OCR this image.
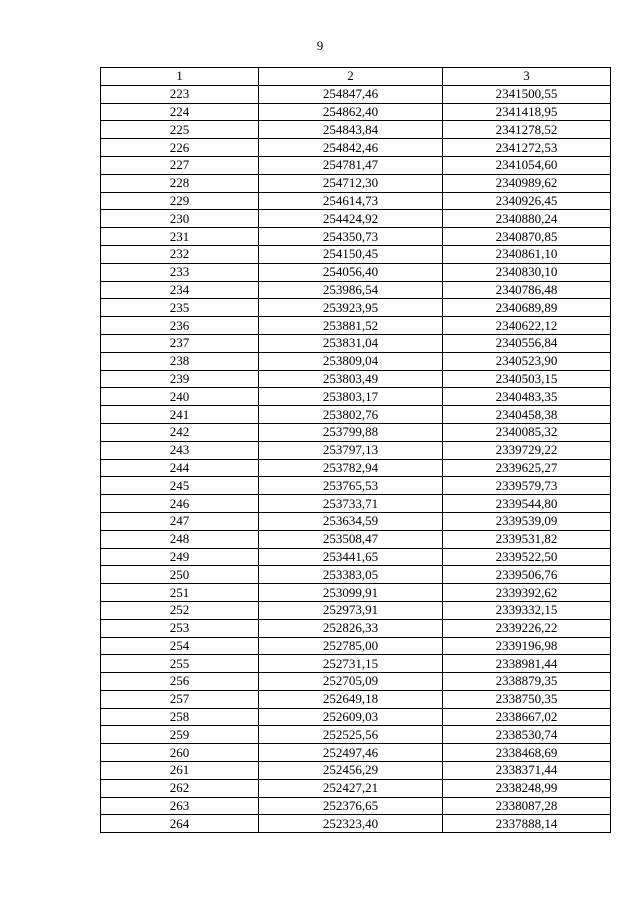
9
1	2	3
223	254847,46	2341500,55
224	254862,40	2341418,95
225	254843,84	2341278,52
226	254842,46	2341272,53
227	254781,47	2341054,60
228	254712,30	2340989,62
229	254614,73	2340926,45
230	254424,92	2340880,24
231	254350,73	2340870,85
232	254150,45	2340861,10
233	254056,40	2340830,10
234	253986,54	2340786,48
235	253923,95	2340689,89
236	253881,52	2340622,12
237	253831,04	2340556,84
238	253809,04	2340523,90
239	253803,49	2340503,15
240	253803,17	2340483,35
241	253802,76	2340458,38
242	253799,88	2340085,32
243	253797,13	2339729,22
244	253782,94	2339625,27
245	253765,53	2339579,73
246	253733,71	2339544,80
247	253634,59	2339539,09
248	253508,47	2339531,82
249	253441,65	2339522,50
250	253383,05	2339506,76
251	253099,91	2339392,62
252	252973,91	2339332,15
253	252826,33	2339226,22
254	252785,00	2339196,98
255	252731,15	2338981,44
256	252705,09	2338879,35
257	252649,18	2338750,35
258	252609,03	2338667,02
259	252525,56	2338530,74
260	252497,46	2338468,69
261	252456,29	2338371,44
262	252427,21	2338248,99
263	252376,65	2338087,28
264	252323,40	2337888,14
